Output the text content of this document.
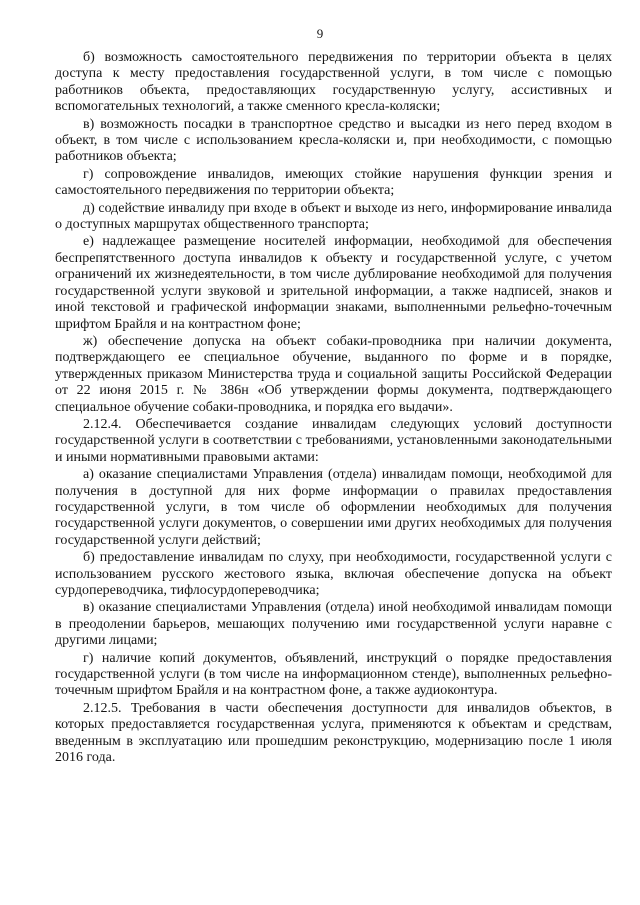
9

б) возможность самостоятельного передвижения по территории объекта в целях доступа к месту предоставления государственной услуги, в том числе с помощью работников объекта, предоставляющих государственную услугу, ассистивных и вспомогательных технологий, а также сменного кресла-коляски;

в) возможность посадки в транспортное средство и высадки из него перед входом в объект, в том числе с использованием кресла-коляски и, при необходимости, с помощью работников объекта;

г) сопровождение инвалидов, имеющих стойкие нарушения функции зрения и самостоятельного передвижения по территории объекта;

д) содействие инвалиду при входе в объект и выходе из него, информирование инвалида о доступных маршрутах общественного транспорта;

е) надлежащее размещение носителей информации, необходимой для обеспечения беспрепятственного доступа инвалидов к объекту и государственной услуге, с учетом ограничений их жизнедеятельности, в том числе дублирование необходимой для получения государственной услуги звуковой и зрительной информации, а также надписей, знаков и иной текстовой и графической информации знаками, выполненными рельефно-точечным шрифтом Брайля и на контрастном фоне;

ж) обеспечение допуска на объект собаки-проводника при наличии документа, подтверждающего ее специальное обучение, выданного по форме и в порядке, утвержденных приказом Министерства труда и социальной защиты Российской Федерации от 22 июня 2015 г. № 386н «Об утверждении формы документа, подтверждающего специальное обучение собаки-проводника, и порядка его выдачи».

2.12.4. Обеспечивается создание инвалидам следующих условий доступности государственной услуги в соответствии с требованиями, установленными законодательными и иными нормативными правовыми актами:

а) оказание специалистами Управления (отдела) инвалидам помощи, необходимой для получения в доступной для них форме информации о правилах предоставления государственной услуги, в том числе об оформлении необходимых для получения государственной услуги документов, о совершении ими других необходимых для получения государственной услуги действий;

б) предоставление инвалидам по слуху, при необходимости, государственной услуги с использованием русского жестового языка, включая обеспечение допуска на объект сурдопереводчика, тифлосурдопереводчика;

в) оказание специалистами Управления (отдела) иной необходимой инвалидам помощи в преодолении барьеров, мешающих получению ими государственной услуги наравне с другими лицами;

г) наличие копий документов, объявлений, инструкций о порядке предоставления государственной услуги (в том числе на информационном стенде), выполненных рельефно-точечным шрифтом Брайля и на контрастном фоне, а также аудиоконтура.

2.12.5. Требования в части обеспечения доступности для инвалидов объектов, в которых предоставляется государственная услуга, применяются к объектам и средствам, введенным в эксплуатацию или прошедшим реконструкцию, модернизацию после 1 июля 2016 года.
